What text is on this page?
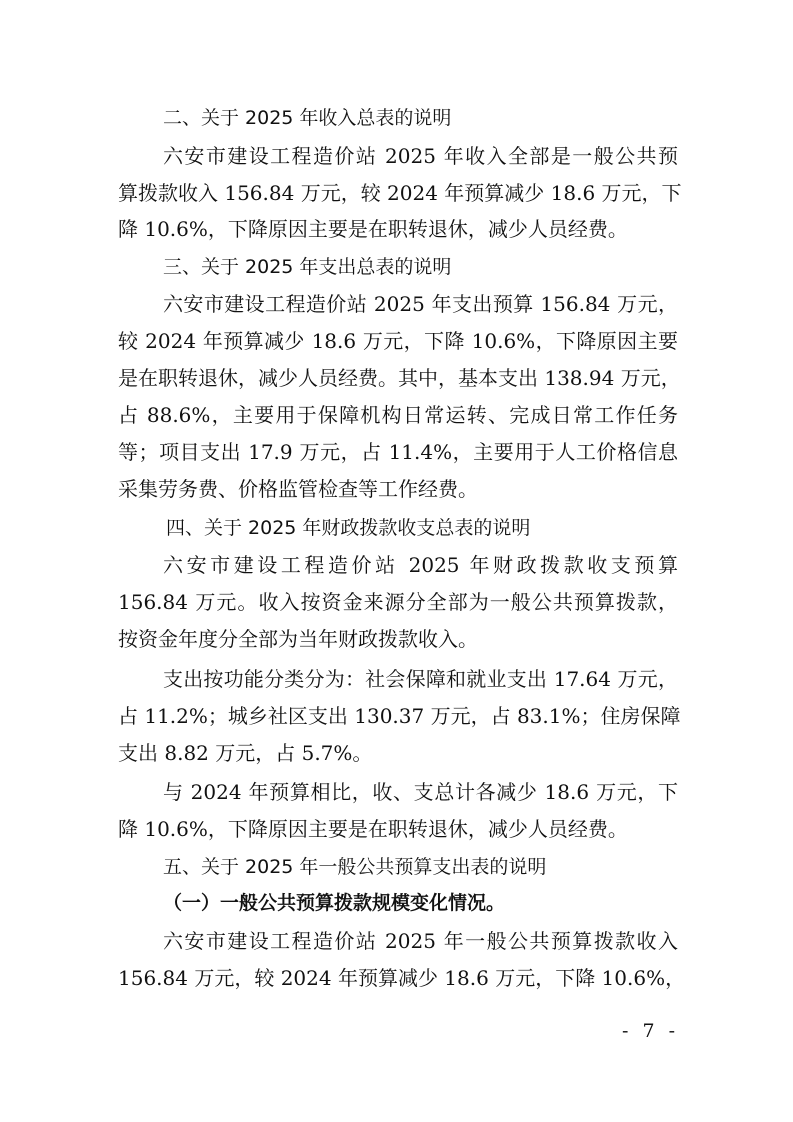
二、关于 2025 年收入总表的说明
六安市建设工程造价站 2025 年收入全部是一般公共预
算拨款收入 156.84 万元，较 2024 年预算减少 18.6 万元，下
降 10.6%，下降原因主要是在职转退休，减少人员经费。
三、关于 2025 年支出总表的说明
六安市建设工程造价站 2025 年支出预算 156.84 万元，
较 2024 年预算减少 18.6 万元，下降 10.6%，下降原因主要
是在职转退休，减少人员经费。其中，基本支出 138.94 万元，
占 88.6%，主要用于保障机构日常运转、完成日常工作任务
等；项目支出 17.9 万元，占 11.4%，主要用于人工价格信息
采集劳务费、价格监管检查等工作经费。
四、关于 2025 年财政拨款收支总表的说明
六安市建设工程造价站 2025 年财政拨款收支预算
156.84 万元。收入按资金来源分全部为一般公共预算拨款，
按资金年度分全部为当年财政拨款收入。
支出按功能分类分为：社会保障和就业支出 17.64 万元，
占 11.2%；城乡社区支出 130.37 万元，占 83.1%；住房保障
支出 8.82 万元，占 5.7%。
与 2024 年预算相比，收、支总计各减少 18.6 万元，下
降 10.6%，下降原因主要是在职转退休，减少人员经费。
五、关于 2025 年一般公共预算支出表的说明
（一）一般公共预算拨款规模变化情况。
六安市建设工程造价站 2025 年一般公共预算拨款收入
156.84 万元，较 2024 年预算减少 18.6 万元，下降 10.6%，
- 7 -
